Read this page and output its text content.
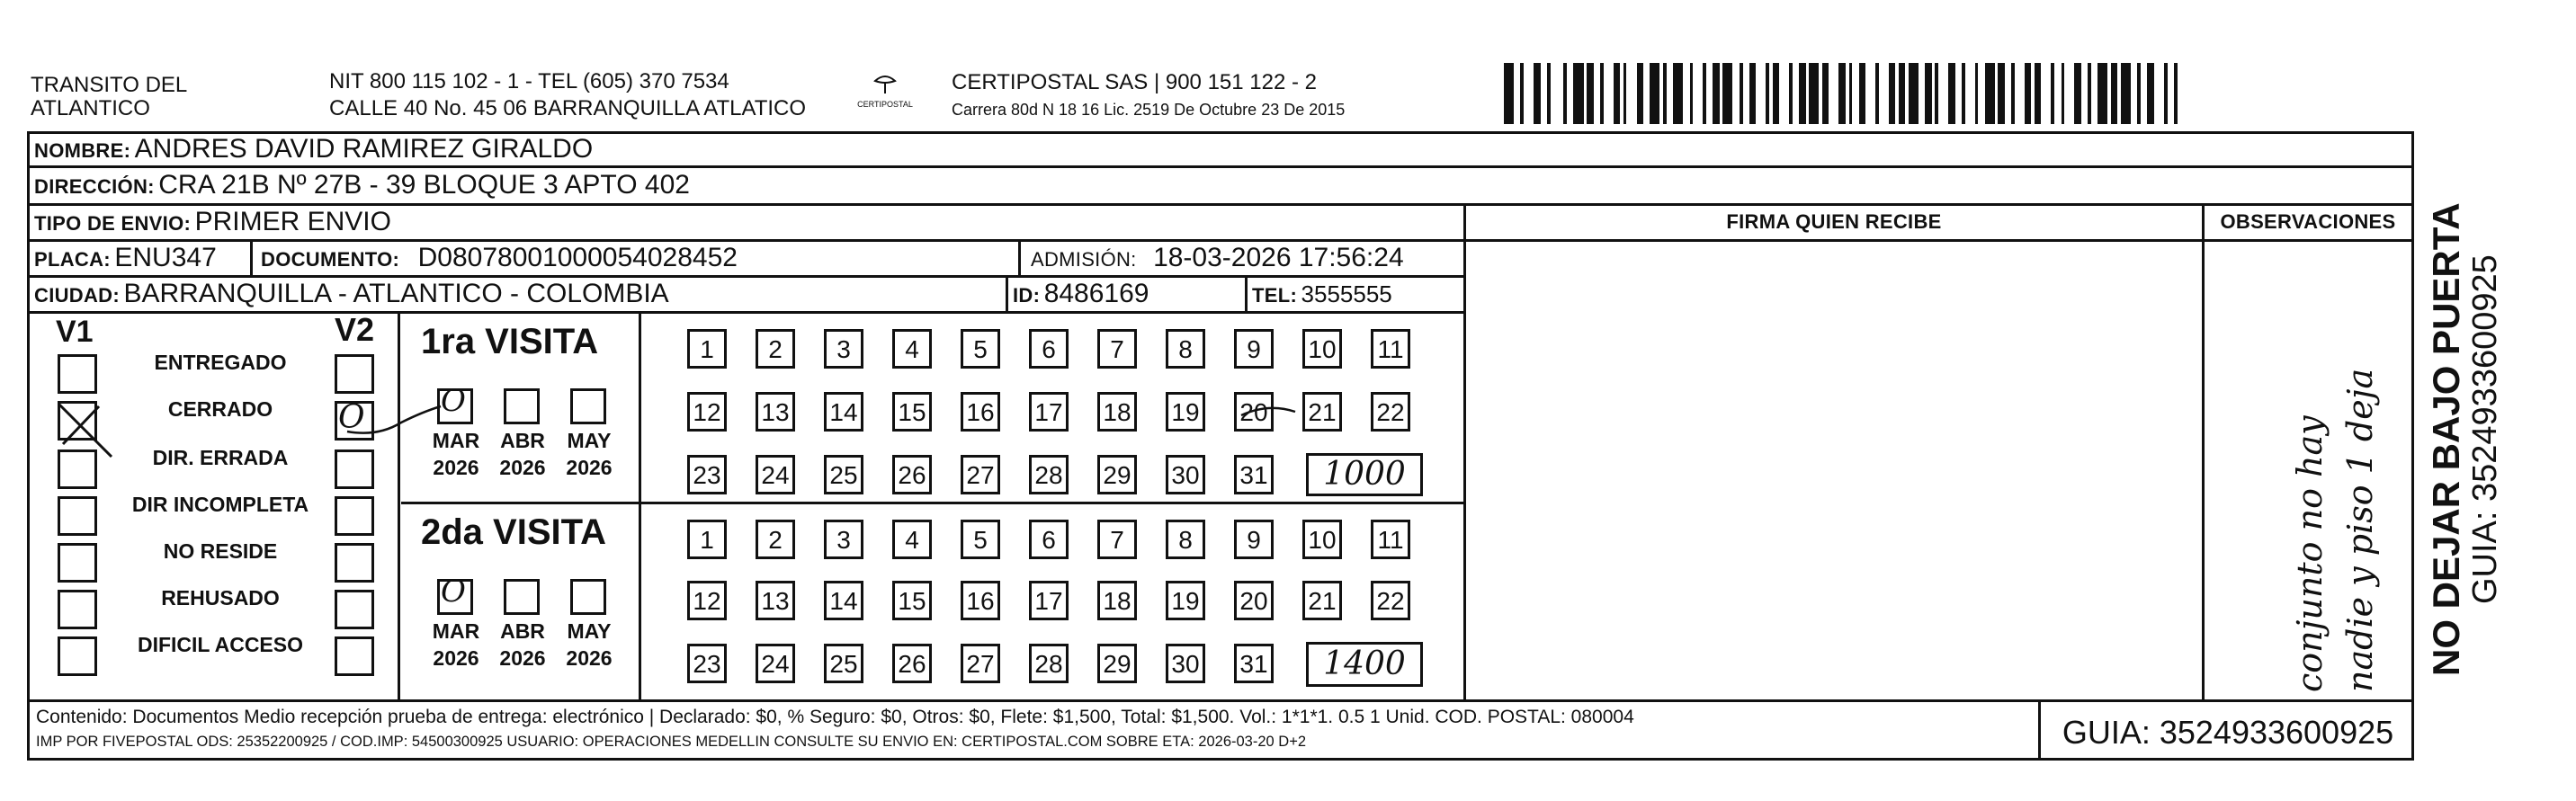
TRANSITO DEL
ATLANTICO
NIT 800 115 102 - 1 - TEL (605) 370 7534
CALLE 40 No. 45 06 BARRANQUILLA ATLATICO	CERTIPOSTAL
CERTIPOSTAL SAS | 900 151 122 - 2
Carrera 80d N 18 16 Lic. 2519 De Octubre 23 De 2015
NOMBRE: ANDRES DAVID RAMIREZ GIRALDO
DIRECCIÓN: CRA 21B Nº 27B - 39 BLOQUE 3 APTO 402
TIPO DE ENVIO: PRIMER ENVIO	FIRMA QUIEN RECIBE	OBSERVACIONES
PLACA: ENU347 DOCUMENTO: D08078001000054028452	ADMISIÓN: 18-03-2026 17:56:24
CIUDAD: BARRANQUILLA - ATLANTICO - COLOMBIA	ID: 8486169	TEL: 3555555
V1	V2
ENTREGADO
CERRADO	O
DIR. ERRADA
DIR INCOMPLETA
NO RESIDE
REHUSADO
DIFICIL ACCESO
1ra VISITA
2da VISITA
O
MAR
2026
ABR
2026
MAY
2026
O
MAR
2026
ABR
2026
MAY
2026
1	2	3	4	5	6	7	8	9	10 11
12 13 14 15 16 17 18 19 20 21 22
23 24 25 26 27 28 29 30 31
1	2	3	4	5	6	7	8	9	10 11
12 13 14 15 16 17 18 19 20 21 22
23 24 25 26 27 28 29 30 31
1000
1400	conjunto no hay nadie y piso 1 deja NO DEJAR BAJO PUERTA GUIA: 3524933600925
Contenido: Documentos Medio recepción prueba de entrega: electrónico | Declarado: $0, % Seguro: $0, Otros: $0, Flete: $1,500, Total: $1,500. Vol.: 1*1*1. 0.5 1 Unid. COD. POSTAL: 080004
IMP POR FIVEPOSTAL ODS: 25352200925 / COD.IMP: 54500300925 USUARIO: OPERACIONES MEDELLIN CONSULTE SU ENVIO EN: CERTIPOSTAL.COM SOBRE ETA: 2026-03-20 D+2	GUIA: 3524933600925
